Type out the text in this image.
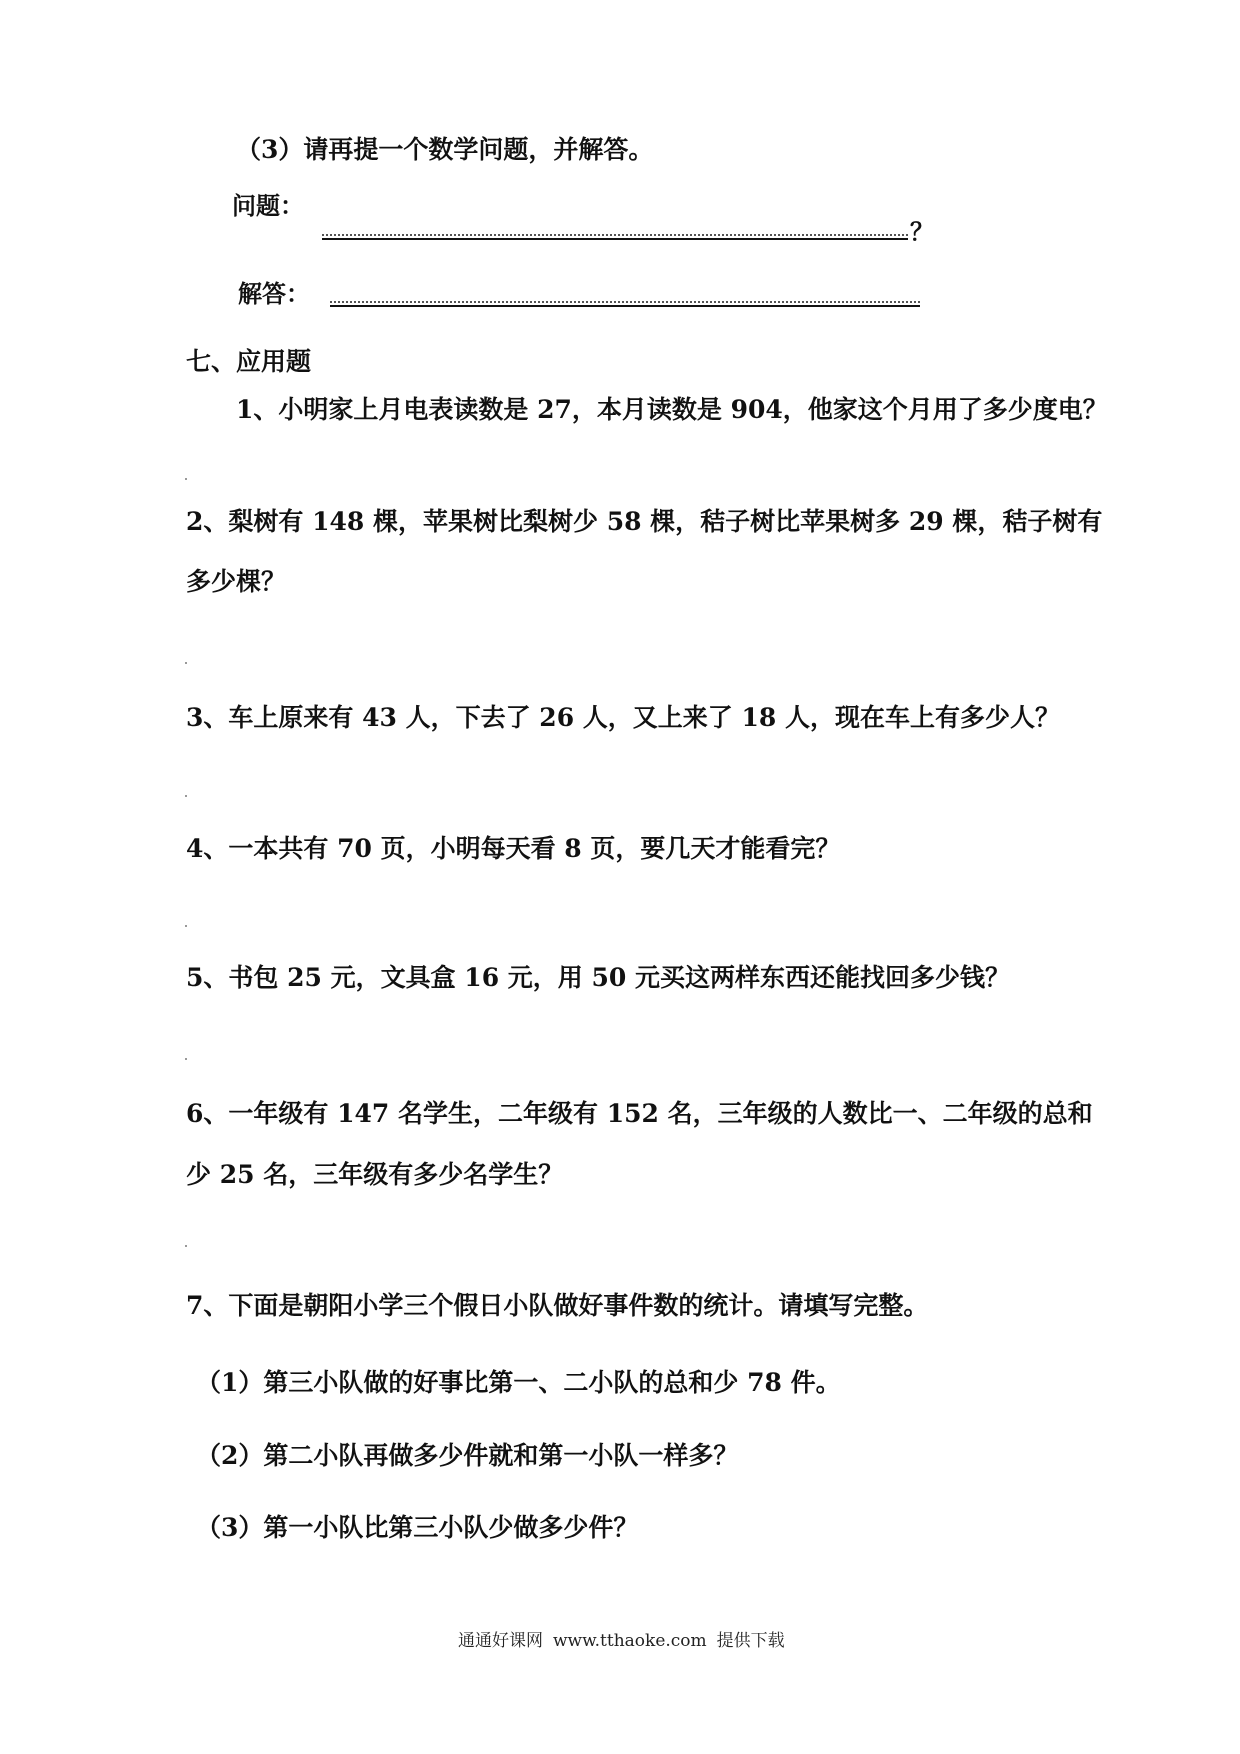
（3）请再提一个数学问题，并解答。
问题：
？
解答：
七、应用题
1、小明家上月电表读数是 27，本月读数是 904，他家这个月用了多少度电？
2、梨树有 148 棵，苹果树比梨树少 58 棵，秸子树比苹果树多 29 棵，秸子树有
多少棵？
3、车上原来有 43 人，下去了 26 人，又上来了 18 人，现在车上有多少人？
4、一本共有 70 页，小明每天看 8 页，要几天才能看完？
5、书包 25 元，文具盒 16 元，用 50 元买这两样东西还能找回多少钱？
6、一年级有 147 名学生，二年级有 152 名，三年级的人数比一、二年级的总和
少 25 名，三年级有多少名学生？
7、下面是朝阳小学三个假日小队做好事件数的统计。请填写完整。
（1）第三小队做的好事比第一、二小队的总和少 78 件。
（2）第二小队再做多少件就和第一小队一样多？
（3）第一小队比第三小队少做多少件？
通通好课网 www.tthaoke.com 提供下载
